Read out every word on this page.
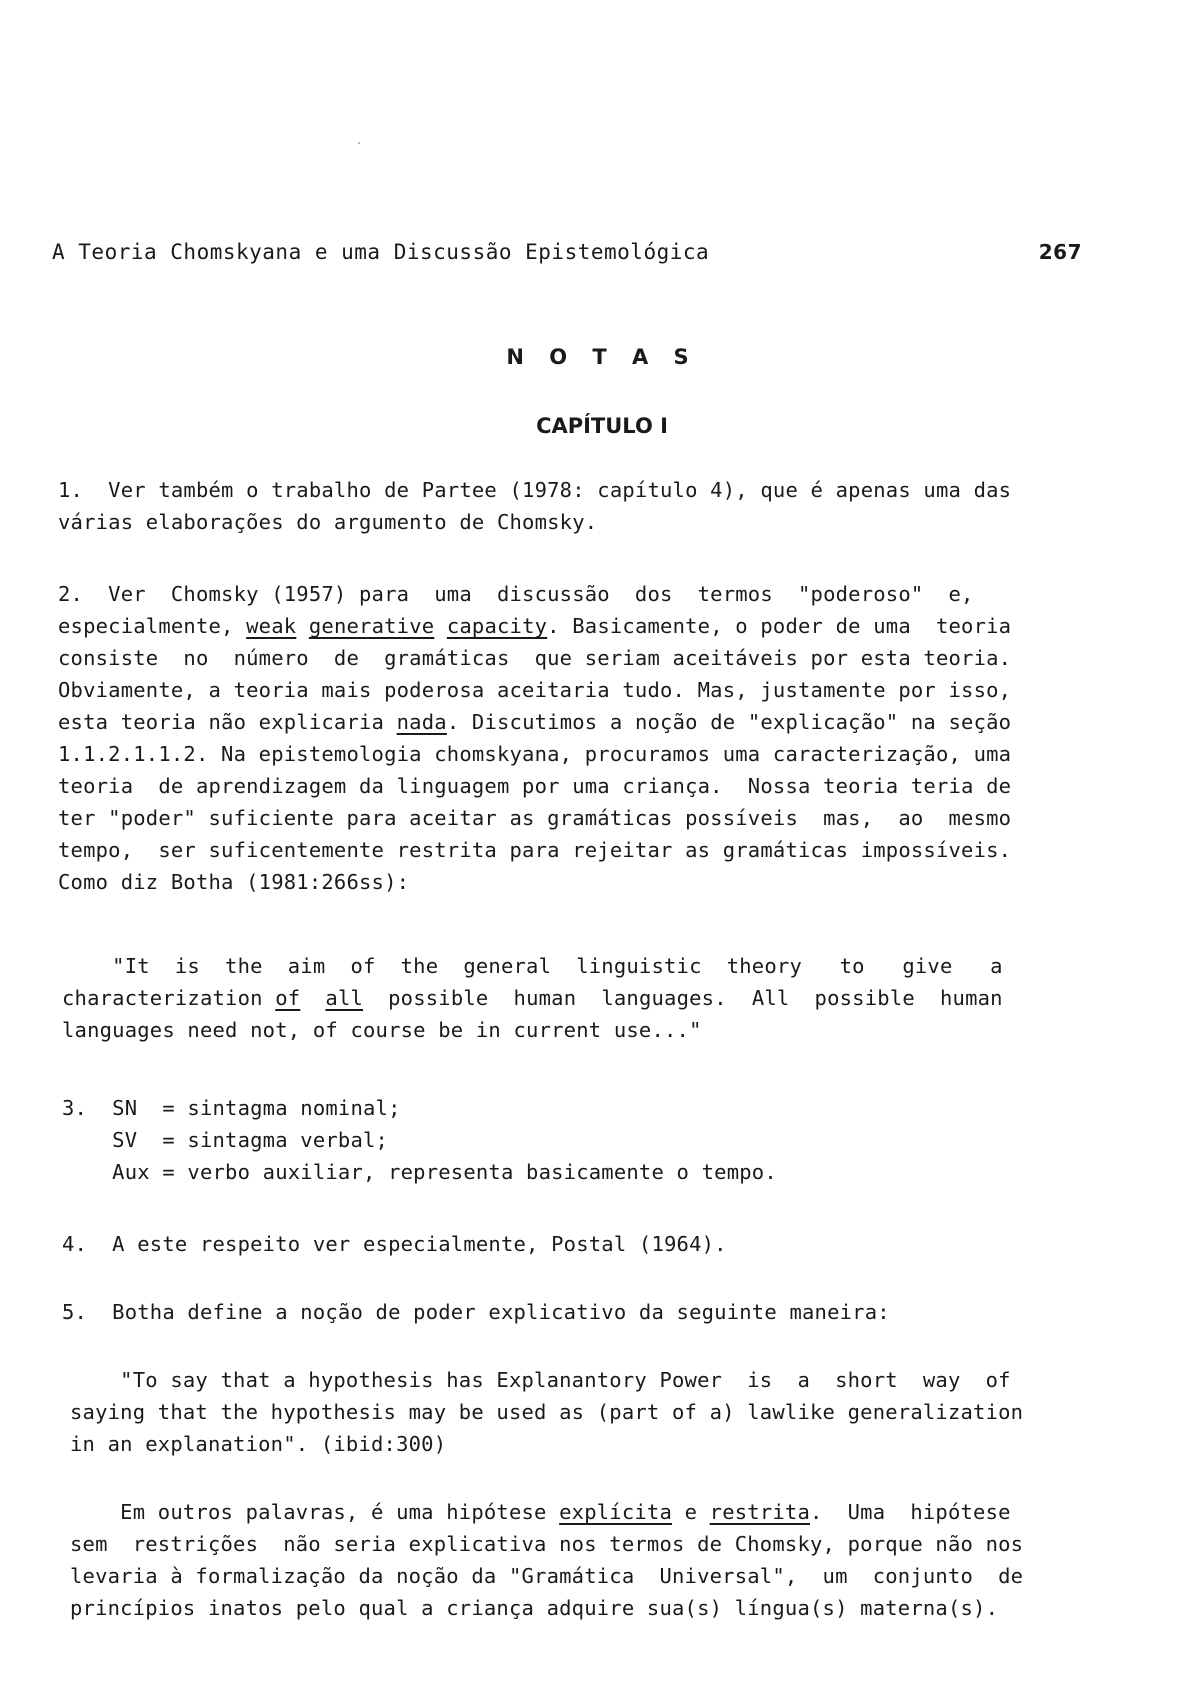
A Teoria Chomskyana e uma Discussão Epistemológica	267
N O T A S
CAPÍTULO I
1.  Ver também o trabalho de Partee (1978: capítulo 4), que é apenas uma das
várias elaborações do argumento de Chomsky.
2.  Ver  Chomsky (1957) para  uma  discussão  dos  termos  "poderoso"  e,
especialmente, weak generative capacity. Basicamente, o poder de uma  teoria
consiste  no  número  de  gramáticas  que seriam aceitáveis por esta teoria.
Obviamente, a teoria mais poderosa aceitaria tudo. Mas, justamente por isso,
esta teoria não explicaria nada. Discutimos a noção de "explicação" na seção
1.1.2.1.1.2. Na epistemologia chomskyana, procuramos uma caracterização, uma
teoria  de aprendizagem da linguagem por uma criança.  Nossa teoria teria de
ter "poder" suficiente para aceitar as gramáticas possíveis  mas,  ao  mesmo
tempo,  ser suficentemente restrita para rejeitar as gramáticas impossíveis.
Como diz Botha (1981:266ss):
"It  is  the  aim  of  the  general  linguistic  theory   to   give   a
characterization of all  possible  human  languages.  All  possible  human
languages need not, of course be in current use..."
3.  SN  = sintagma nominal;
SV  = sintagma verbal;
Aux = verbo auxiliar, representa basicamente o tempo.
4.  A este respeito ver especialmente, Postal (1964).
5.  Botha define a noção de poder explicativo da seguinte maneira:
"To say that a hypothesis has Explanantory Power  is  a  short  way  of
saying that the hypothesis may be used as (part of a) lawlike generalization
in an explanation". (ibid:300)
Em outros palavras, é uma hipótese explícita e restrita.  Uma  hipótese
sem  restrições  não seria explicativa nos termos de Chomsky, porque não nos
levaria à formalização da noção da "Gramática  Universal",  um  conjunto  de
princípios inatos pelo qual a criança adquire sua(s) língua(s) materna(s).
